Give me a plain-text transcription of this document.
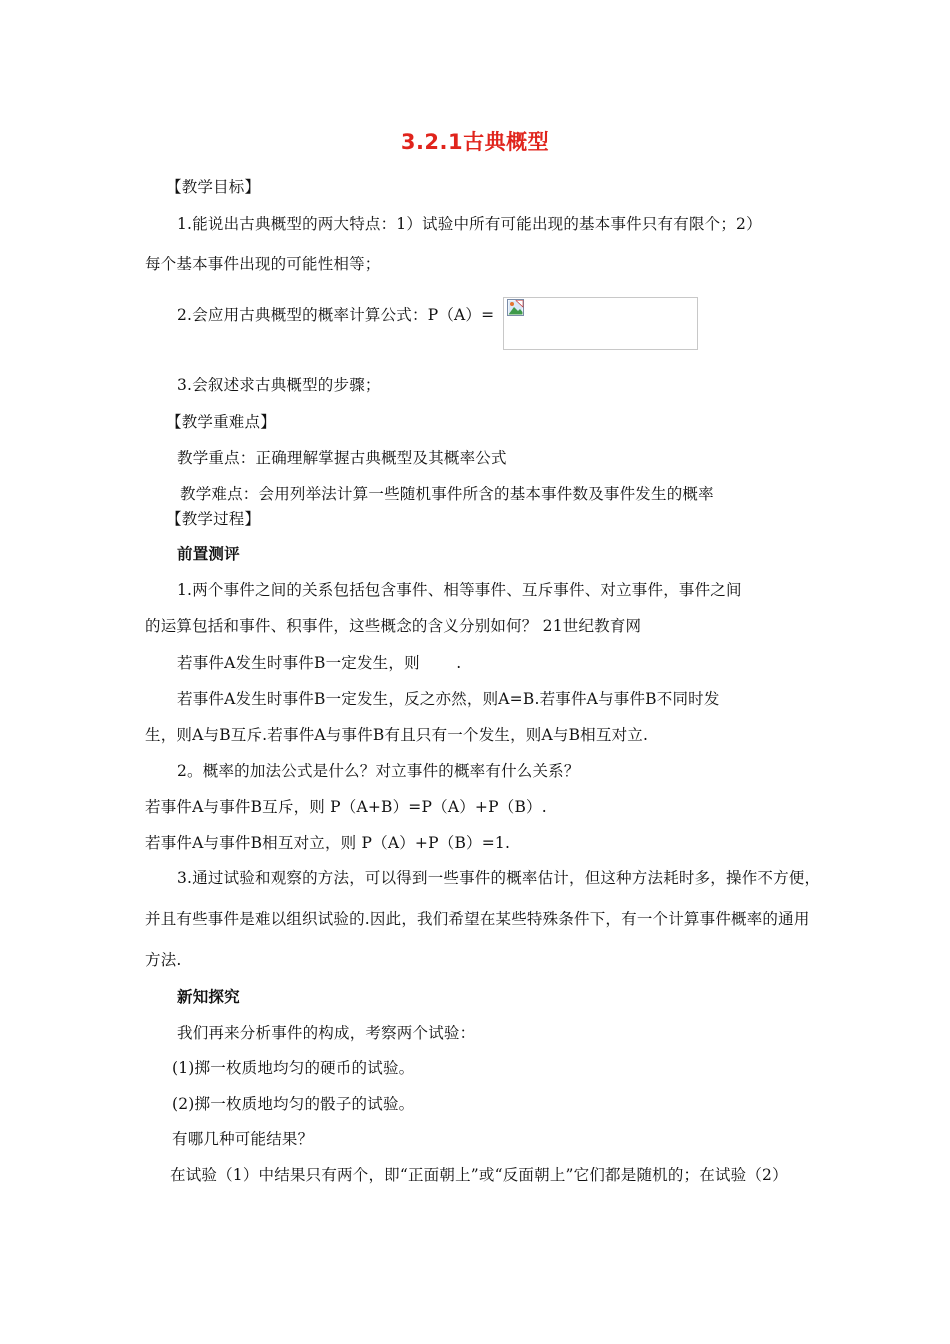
3.2.1古典概型
【教学目标】
1.能说出古典概型的两大特点：1）试验中所有可能出现的基本事件只有有限个；2）
每个基本事件出现的可能性相等；
2.会应用古典概型的概率计算公式：P（A）=
3.会叙述求古典概型的步骤；
【教学重难点】
教学重点：正确理解掌握古典概型及其概率公式
教学难点：会用列举法计算一些随机事件所含的基本事件数及事件发生的概率
【教学过程】
前置测评
1.两个事件之间的关系包括包含事件、相等事件、互斥事件、对立事件，事件之间
的运算包括和事件、积事件，这些概念的含义分别如何？ 21世纪教育网
若事件A发生时事件B一定发生，则　　 .
若事件A发生时事件B一定发生，反之亦然，则A=B.若事件A与事件B不同时发
生，则A与B互斥.若事件A与事件B有且只有一个发生，则A与B相互对立.
2。概率的加法公式是什么？对立事件的概率有什么关系？
若事件A与事件B互斥，则 P（A+B）=P（A）+P（B）.
若事件A与事件B相互对立，则 P（A）+P（B）=1.
3.通过试验和观察的方法，可以得到一些事件的概率估计，但这种方法耗时多，操作不方便，
并且有些事件是难以组织试验的.因此，我们希望在某些特殊条件下，有一个计算事件概率的通用
方法.
新知探究
我们再来分析事件的构成，考察两个试验：
(1)掷一枚质地均匀的硬币的试验。
(2)掷一枚质地均匀的骰子的试验。
有哪几种可能结果？
在试验（1）中结果只有两个，即“正面朝上”或“反面朝上”它们都是随机的；在试验（2）
